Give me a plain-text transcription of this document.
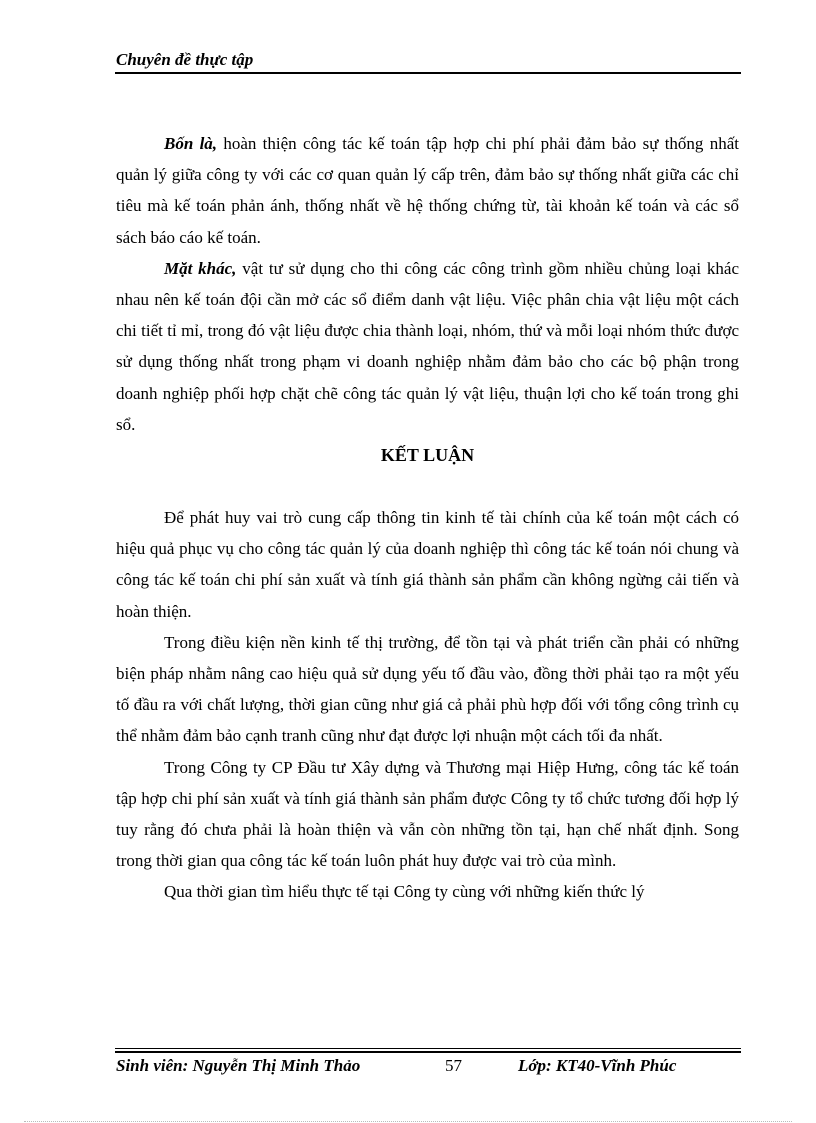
Chuyên đề thực tập

Bốn là, hoàn thiện công tác kế toán tập hợp chi phí phải đảm bảo sự thống nhất quản lý giữa công ty với các cơ quan quản lý cấp trên, đảm bảo sự thống nhất giữa các chỉ tiêu mà kế toán phản ánh, thống nhất về hệ thống chứng từ, tài khoản kế toán và các sổ sách báo cáo kế toán.

Mặt khác, vật tư sử dụng cho thi công các công trình gồm nhiều chủng loại khác nhau nên kế toán đội cần mở các sổ điểm danh vật liệu. Việc phân chia vật liệu một cách chi tiết tỉ mỉ, trong đó vật liệu được chia thành loại, nhóm, thứ và mỗi loại nhóm thức được sử dụng thống nhất trong phạm vi doanh nghiệp nhằm đảm bảo cho các bộ phận trong doanh nghiệp phối hợp chặt chẽ công tác quản lý vật liệu, thuận lợi cho kế toán trong ghi sổ.

KẾT LUẬN

Để phát huy vai trò cung cấp thông tin kinh tế tài chính của kế toán một cách có hiệu quả phục vụ cho công tác quản lý của doanh nghiệp thì công tác kế toán nói chung và công tác kế toán chi phí sản xuất và tính giá thành sản phẩm cần không ngừng cải tiến và hoàn thiện.

Trong điều kiện nền kinh tế thị trường, để tồn tại và phát triển cần phải có những biện pháp nhằm nâng cao hiệu quả sử dụng yếu tố đầu vào, đồng thời phải tạo ra một yếu tố đầu ra với chất lượng, thời gian cũng như giá cả phải phù hợp đối với tổng công trình cụ thể nhằm đảm bảo cạnh tranh cũng như đạt được lợi nhuận một cách tối đa nhất.

Trong Công ty CP Đầu tư Xây dựng và Thương mại Hiệp Hưng, công tác kế toán tập hợp chi phí sản xuất và tính giá thành sản phẩm được Công ty tổ chức tương đối hợp lý tuy rằng đó chưa phải là hoàn thiện và vẫn còn những tồn tại, hạn chế nhất định. Song trong thời gian qua công tác kế toán luôn phát huy được vai trò của mình.

Qua thời gian tìm hiểu thực tế tại Công ty cùng với những kiến thức lý

Sinh viên: Nguyễn Thị Minh Thảo	57	Lớp: KT40-Vĩnh Phúc
